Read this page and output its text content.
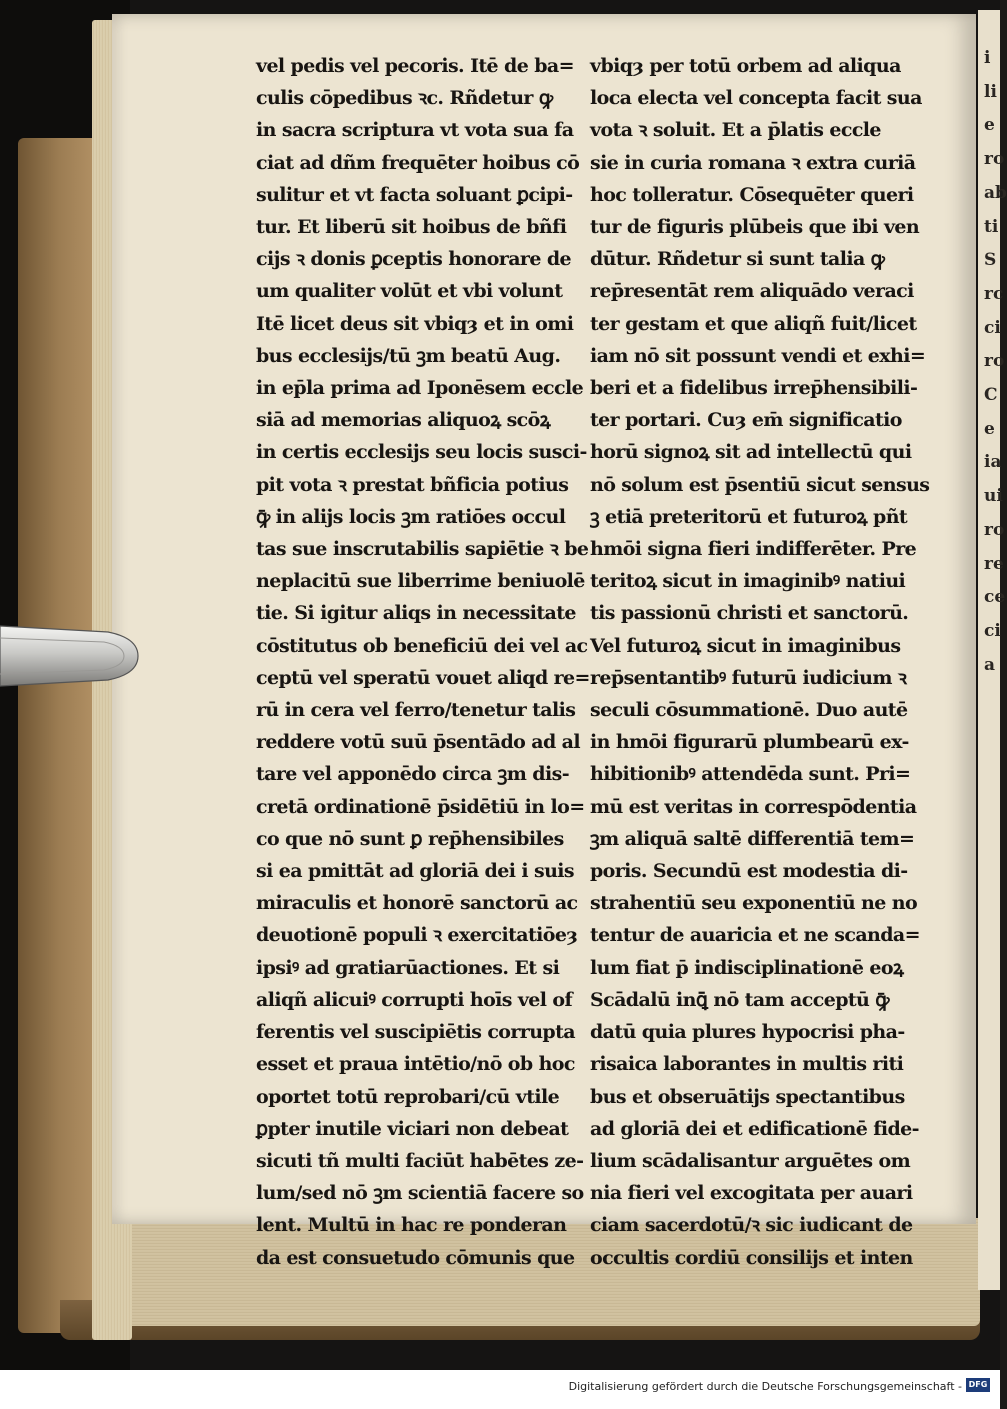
i
li
e
ro
ab
ti
S
rc
ci
ro
C
e
ia
ui
ro
re
ce
ci
a
vel pedis vel pecoris. Itē de ba=
culis cōpedibus ꝛc. Rñdetur ꝙ
in sacra scriptura vt vota sua fa
ciat ad dñm frequēter hoibus cō
sulitur et vt facta soluant ꝑcipi-
tur. Et liberū sit hoibus de bñfi
cijs ꝛ donis ꝑceptis honorare de
um qualiter volūt et vbi volunt
Itē licet deus sit vbiqȝ et in omi
bus ecclesijs/tū ꝫm beatū Aug.
in ep̄la prima ad Iponēsem eccle
siā ad memorias aliquoꝝ scōꝝ
in certis ecclesijs seu locis susci-
pit vota ꝛ prestat bñficia potius
ꝙ̄ in alijs locis ꝫm ratiōes occul
tas sue inscrutabilis sapiētie ꝛ be
neplacitū sue liberrime beniuolē
tie. Si igitur aliqs in necessitate
cōstitutus ob beneficiū dei vel ac
ceptū vel speratū vouet aliqd re=
rū in cera vel ferro/tenetur talis
reddere votū suū p̄sentādo ad al
tare vel apponēdo circa ꝫm dis-
cretā ordinationē p̄sidētiū in lo=
co que nō sunt ꝑ rep̄hensibiles
si ea pmittāt ad gloriā dei i suis
miraculis et honorē sanctorū ac
deuotionē populi ꝛ exercitatiōeȝ
ipsiꝰ ad gratiarūactiones. Et si
aliqñ alicuiꝰ corrupti hoīs vel of
ferentis vel suscipiētis corrupta
esset et praua intētio/nō ob hoc
oportet totū reprobari/cū vtile
ꝑpter inutile viciari non debeat
sicuti tñ multi faciūt habētes ze-
lum/sed nō ꝫm scientiā facere so
lent. Multū in hac re ponderan
da est consuetudo cōmunis que
vbiqȝ per totū orbem ad aliqua
loca electa vel concepta facit sua
vota ꝛ soluit. Et a p̄latis eccle
sie in curia romana ꝛ extra curiā
hoc tolleratur. Cōsequēter queri
tur de figuris plūbeis que ibi ven
dūtur. Rñdetur si sunt talia ꝙ
rep̄resentāt rem aliquādo veraci
ter gestam et que aliqñ fuit/licet
iam nō sit possunt vendi et exhi=
beri et a fidelibus irrep̄hensibili-
ter portari. Cuȝ em̄ significatio
horū signoꝝ sit ad intellectū qui
nō solum est p̄sentiū sicut sensus
ꝫ etiā preteritorū et futuroꝝ pñt
hmōi signa fieri indifferēter. Pre
teritoꝝ sicut in imaginibꝰ natiui
tis passionū christi et sanctorū.
Vel futuroꝝ sicut in imaginibus
rep̄sentantibꝰ futurū iudicium ꝛ
seculi cōsummationē. Duo autē
in hmōi figurarū plumbearū ex-
hibitionibꝰ attendēda sunt. Pri=
mū est veritas in correspōdentia
ꝫm aliquā saltē differentiā tem=
poris. Secundū est modestia di-
strahentiū seu exponentiū ne no
tentur de auaricia et ne scanda=
lum fiat p̄ indisciplinationē eoꝝ
Scādalū inꝗ̄ nō tam acceptū ꝙ̄
datū quia plures hypocrisi pha-
risaica laborantes in multis riti
bus et obseruātijs spectantibus
ad gloriā dei et edificationē fide-
lium scādalisantur arguētes om
nia fieri vel excogitata per auari
ciam sacerdotū/ꝛ sic iudicant de
occultis cordiū consilijs et inten
Digitalisierung gefördert durch die Deutsche Forschungsgemeinschaft - DFG
